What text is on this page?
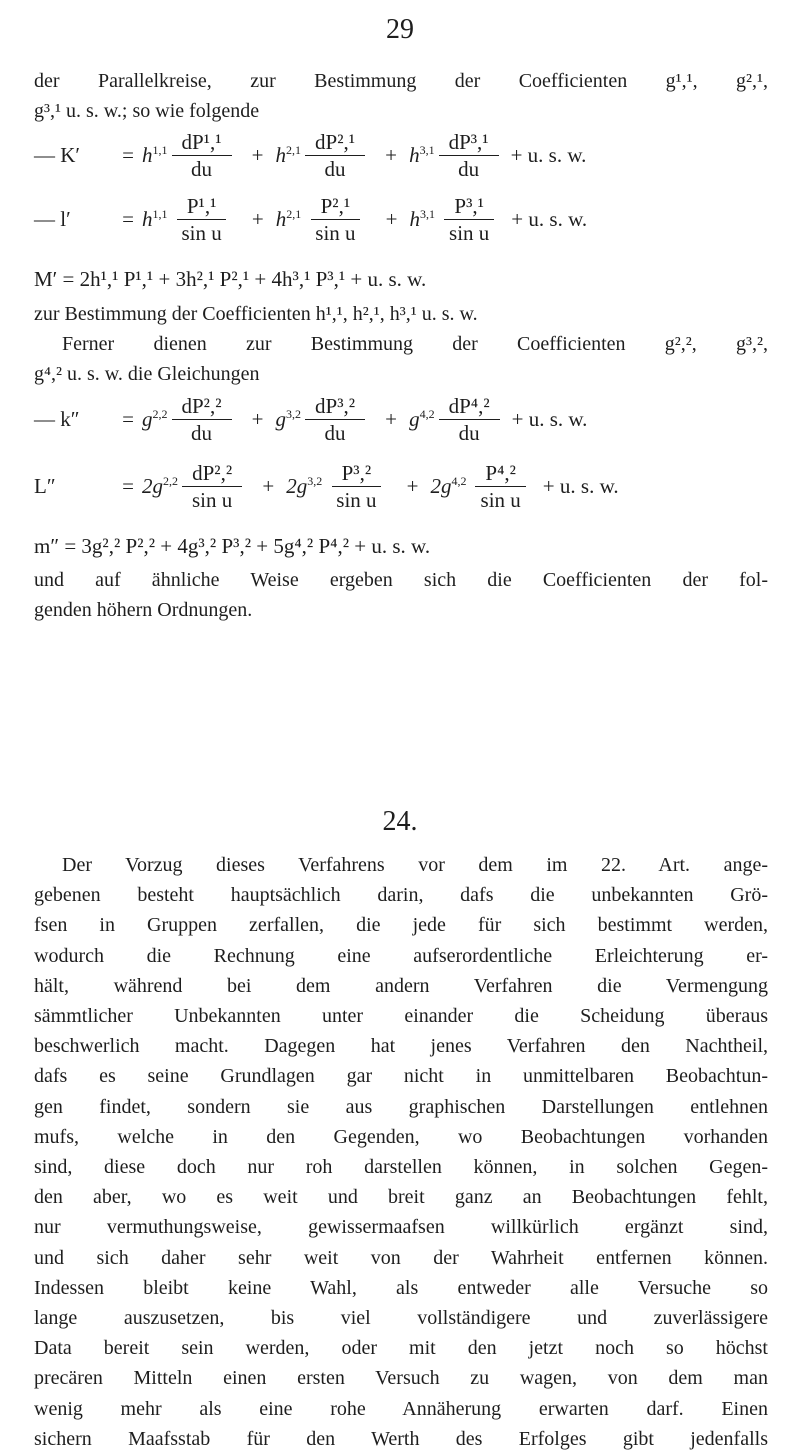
29
der Parallelkreise, zur Bestimmung der Coefficienten g¹,¹, g²,¹,
g³,¹ u. s. w.; so wie folgende
— K′	= $h^{1,1} \frac{\text{dP¹,¹}}{du} + h^{2,1} \frac{\text{dP²,¹}}{du} + h^{3,1} \frac{\text{dP³,¹}}{du} + u$. s. w.
— l′	= $h^{1,1} \frac{\text{P¹,¹}}{\text{sin u}} + h^{2,1} \frac{\text{P²,¹}}{\text{sin u}} + h^{3,1} \frac{\text{P³,¹}}{\text{sin u}} + u$. s. w.
M′ = 2h¹,¹ P¹,¹ + 3h²,¹ P²,¹ + 4h³,¹ P³,¹ + u. s. w.
zur Bestimmung der Coefficienten h¹,¹, h²,¹, h³,¹ u. s. w.
Ferner dienen zur Bestimmung der Coefficienten g²,², g³,²,
g⁴,² u. s. w. die Gleichungen
— k″	= $g^{2,2} \frac{\text{dP²,²}}{du} + g^{3,2} \frac{\text{dP³,²}}{du} + g^{4,2} \frac{\text{dP⁴,²}}{du} + u$. s. w.
L″	= $2g^{2,2} \frac{\text{dP²,²}}{\text{sin u}} + 2g^{3,2} \frac{\text{P³,²}}{\text{sin u}} + 2g^{4,2} \frac{\text{P⁴,²}}{\text{sin u}} + u$. s. w.
m″ = 3g²,² P²,² + 4g³,² P³,² + 5g⁴,² P⁴,² + u. s. w.
und auf ähnliche Weise ergeben sich die Coefficienten der fol-
genden höhern Ordnungen.
24.
Der Vorzug dieses Verfahrens vor dem im 22. Art. ange-
gebenen besteht hauptsächlich darin, dafs die unbekannten Grö-
fsen in Gruppen zerfallen, die jede für sich bestimmt werden,
wodurch die Rechnung eine aufserordentliche Erleichterung er-
hält, während bei dem andern Verfahren die Vermengung
sämmtlicher Unbekannten unter einander die Scheidung überaus
beschwerlich macht. Dagegen hat jenes Verfahren den Nachtheil,
dafs es seine Grundlagen gar nicht in unmittelbaren Beobachtun-
gen findet, sondern sie aus graphischen Darstellungen entlehnen
mufs, welche in den Gegenden, wo Beobachtungen vorhanden
sind, diese doch nur roh darstellen können, in solchen Gegen-
den aber, wo es weit und breit ganz an Beobachtungen fehlt,
nur vermuthungsweise, gewissermaafsen willkürlich ergänzt sind,
und sich daher sehr weit von der Wahrheit entfernen können.
Indessen bleibt keine Wahl, als entweder alle Versuche so
lange auszusetzen, bis viel vollständigere und zuverlässigere
Data bereit sein werden, oder mit den jetzt noch so höchst
precären Mitteln einen ersten Versuch zu wagen, von dem man
wenig mehr als eine rohe Annäherung erwarten darf. Einen
sichern Maafsstab für den Werth des Erfolges gibt jedenfalls
